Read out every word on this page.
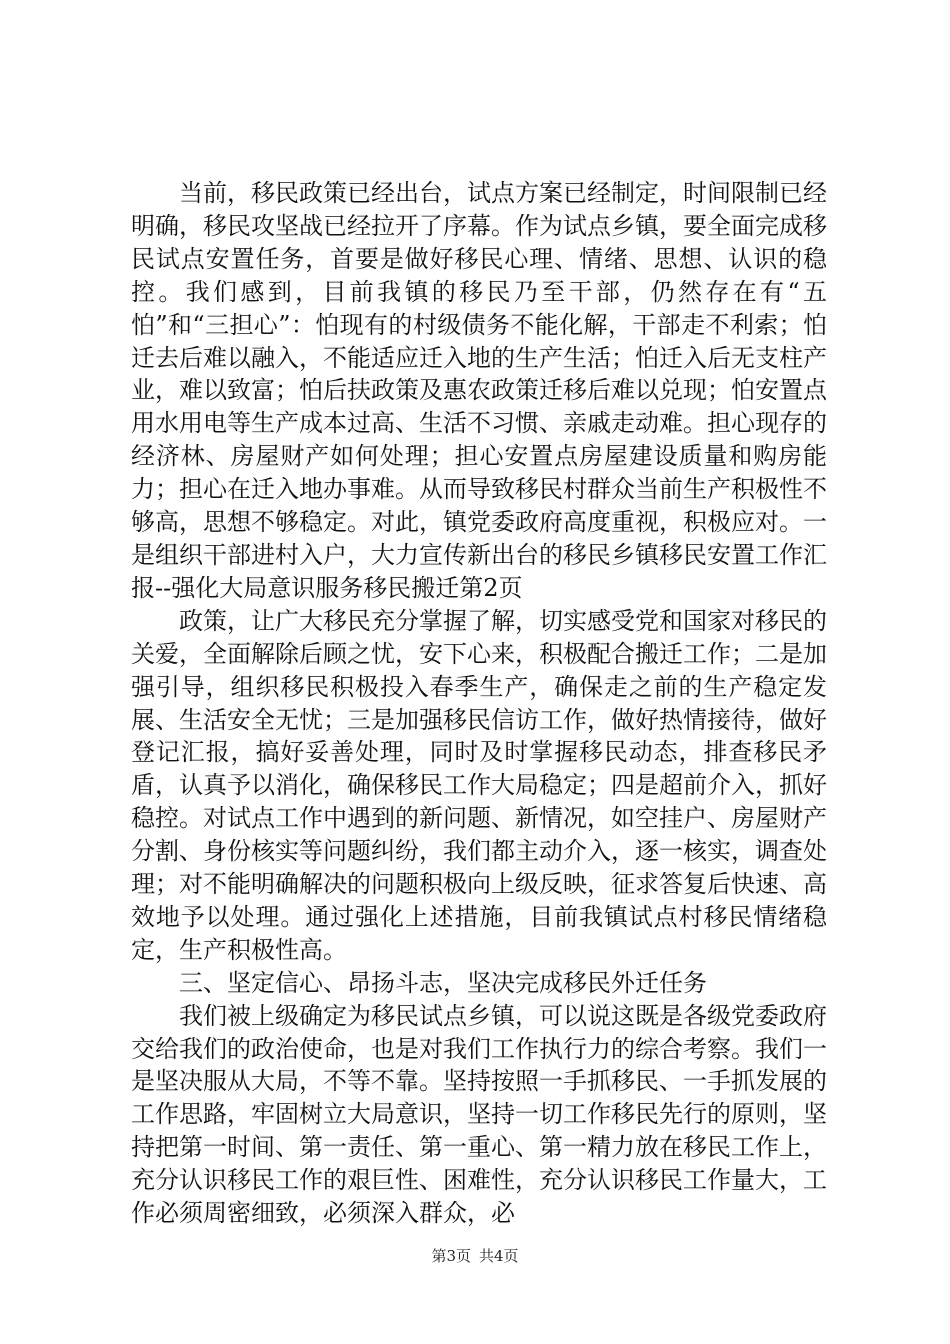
当前，移民政策已经出台，试点方案已经制定，时间限制已经明确，移民攻坚战已经拉开了序幕。作为试点乡镇，要全面完成移民试点安置任务，首要是做好移民心理、情绪、思想、认识的稳控。我们感到，目前我镇的移民乃至干部，仍然存在有“五怕”和“三担心”：怕现有的村级债务不能化解，干部走不利索；怕迁去后难以融入，不能适应迁入地的生产生活；怕迁入后无支柱产业，难以致富；怕后扶政策及惠农政策迁移后难以兑现；怕安置点用水用电等生产成本过高、生活不习惯、亲戚走动难。担心现存的经济林、房屋财产如何处理；担心安置点房屋建设质量和购房能力；担心在迁入地办事难。从而导致移民村群众当前生产积极性不够高，思想不够稳定。对此，镇党委政府高度重视，积极应对。一是组织干部进村入户，大力宣传新出台的移民乡镇移民安置工作汇报--强化大局意识服务移民搬迁第2页

政策，让广大移民充分掌握了解，切实感受党和国家对移民的关爱，全面解除后顾之忧，安下心来，积极配合搬迁工作；二是加强引导，组织移民积极投入春季生产，确保走之前的生产稳定发展、生活安全无忧；三是加强移民信访工作，做好热情接待，做好登记汇报，搞好妥善处理，同时及时掌握移民动态，排查移民矛盾，认真予以消化，确保移民工作大局稳定；四是超前介入，抓好稳控。对试点工作中遇到的新问题、新情况，如空挂户、房屋财产分割、身份核实等问题纠纷，我们都主动介入，逐一核实，调查处理；对不能明确解决的问题积极向上级反映，征求答复后快速、高效地予以处理。通过强化上述措施，目前我镇试点村移民情绪稳定，生产积极性高。

三、坚定信心、昂扬斗志，坚决完成移民外迁任务

我们被上级确定为移民试点乡镇，可以说这既是各级党委政府交给我们的政治使命，也是对我们工作执行力的综合考察。我们一是坚决服从大局，不等不靠。坚持按照一手抓移民、一手抓发展的工作思路，牢固树立大局意识，坚持一切工作移民先行的原则，坚持把第一时间、第一责任、第一重心、第一精力放在移民工作上，充分认识移民工作的艰巨性、困难性，充分认识移民工作量大，工作必须周密细致，必须深入群众，必

第3页 共4页
